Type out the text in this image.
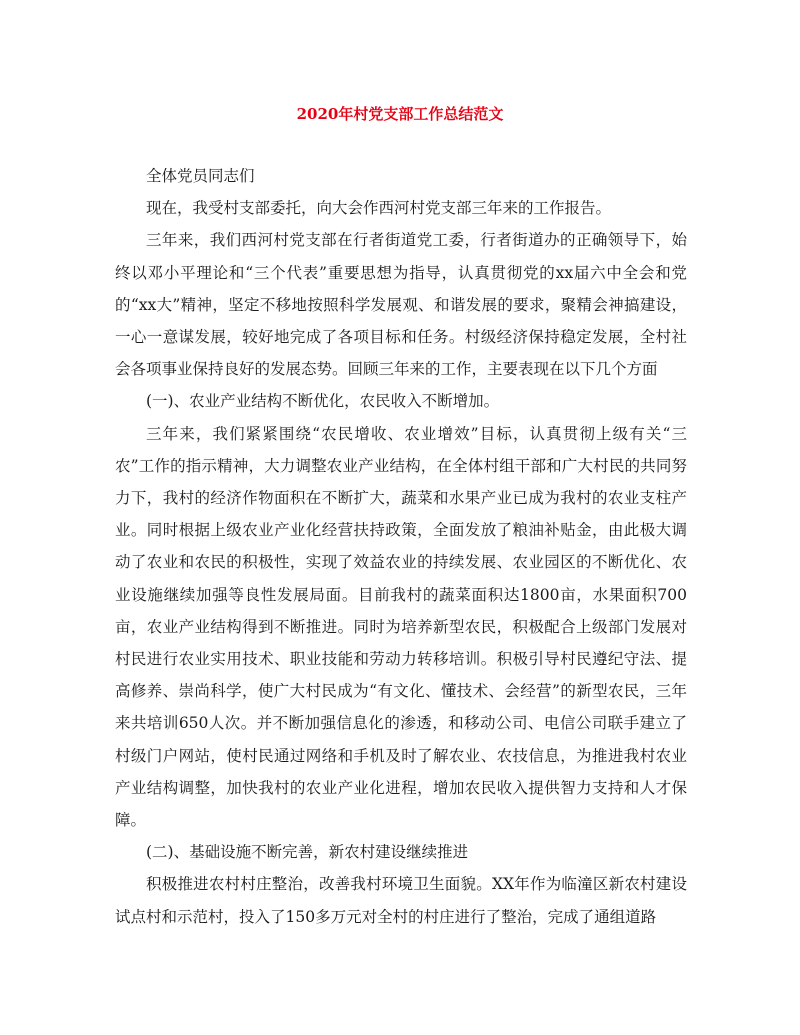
2020年村党支部工作总结范文

全体党员同志们

现在，我受村支部委托，向大会作西河村党支部三年来的工作报告。

三年来，我们西河村党支部在行者街道党工委，行者街道办的正确领导下，始终以邓小平理论和“三个代表”重要思想为指导，认真贯彻党的xx届六中全会和党的“xx大”精神，坚定不移地按照科学发展观、和谐发展的要求，聚精会神搞建设，一心一意谋发展，较好地完成了各项目标和任务。村级经济保持稳定发展，全村社会各项事业保持良好的发展态势。回顾三年来的工作，主要表现在以下几个方面

(一)、农业产业结构不断优化，农民收入不断增加。

三年来，我们紧紧围绕“农民增收、农业增效”目标，认真贯彻上级有关“三农”工作的指示精神，大力调整农业产业结构，在全体村组干部和广大村民的共同努力下，我村的经济作物面积在不断扩大，蔬菜和水果产业已成为我村的农业支柱产业。同时根据上级农业产业化经营扶持政策，全面发放了粮油补贴金，由此极大调动了农业和农民的积极性，实现了效益农业的持续发展、农业园区的不断优化、农业设施继续加强等良性发展局面。目前我村的蔬菜面积达1800亩，水果面积700亩，农业产业结构得到不断推进。同时为培养新型农民，积极配合上级部门发展对村民进行农业实用技术、职业技能和劳动力转移培训。积极引导村民遵纪守法、提高修养、崇尚科学，使广大村民成为“有文化、懂技术、会经营”的新型农民，三年来共培训650人次。并不断加强信息化的渗透，和移动公司、电信公司联手建立了村级门户网站，使村民通过网络和手机及时了解农业、农技信息，为推进我村农业产业结构调整，加快我村的农业产业化进程，增加农民收入提供智力支持和人才保障。

(二)、基础设施不断完善，新农村建设继续推进

积极推进农村村庄整治，改善我村环境卫生面貌。XX年作为临潼区新农村建设试点村和示范村，投入了150多万元对全村的村庄进行了整治，完成了通组道路
